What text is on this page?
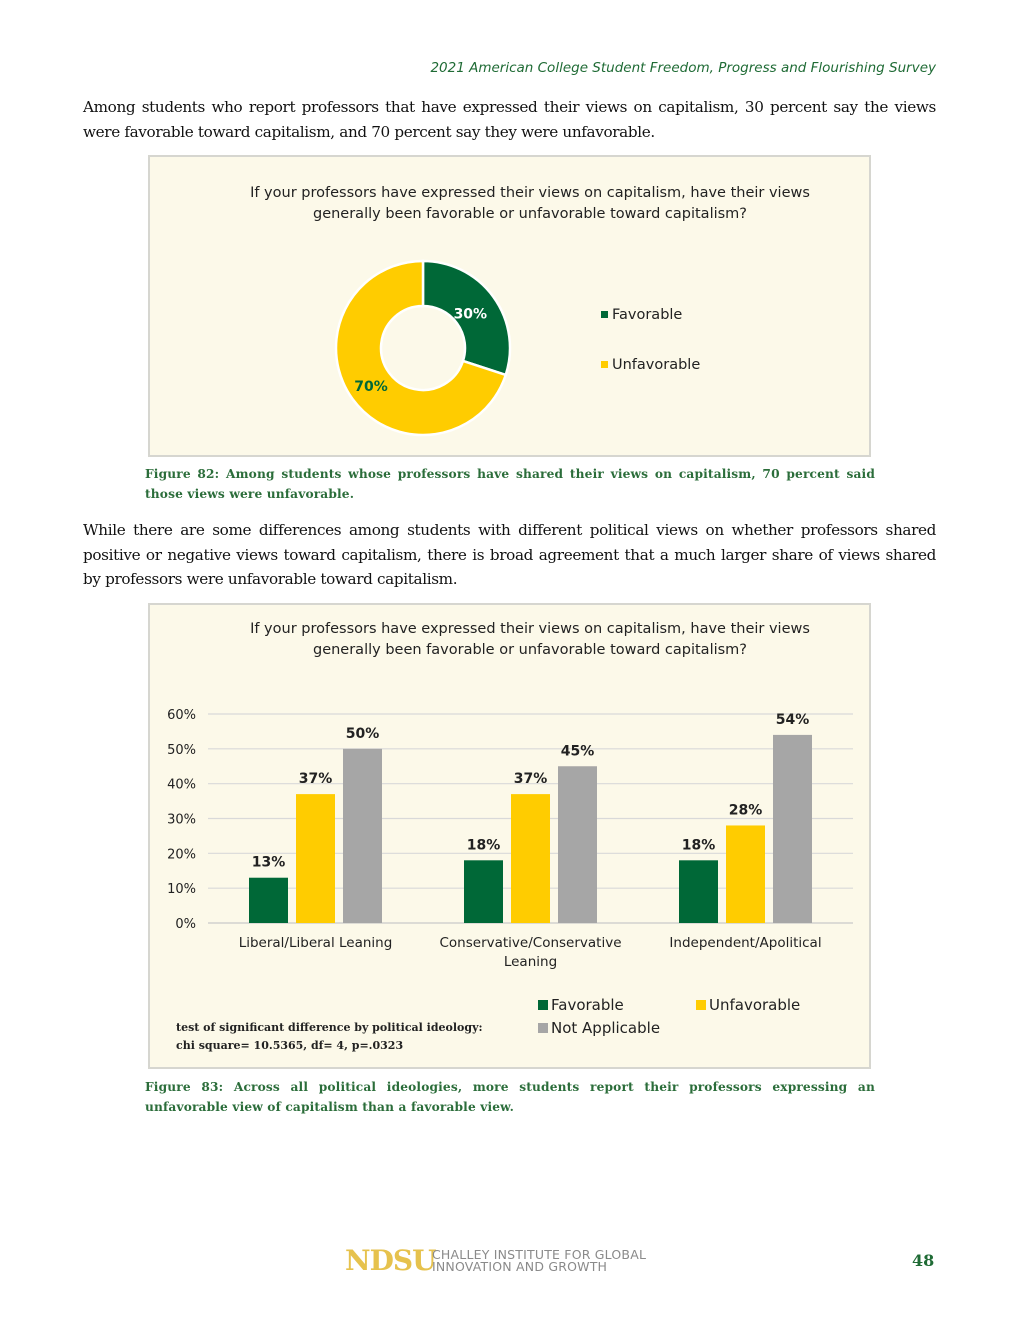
2021 American College Student Freedom, Progress and Flourishing Survey

Among students who report professors that have expressed their views on capitalism, 30 percent say the views were favorable toward capitalism, and 70 percent say they were unfavorable.

If your professors have expressed their views on capitalism, have their views generally been favorable or unfavorable toward capitalism?
30%
70%
Favorable
Unfavorable
Figure 82: Among students whose professors have shared their views on capitalism, 70 percent said those views were unfavorable.

While there are some differences among students with different political views on whether professors shared positive or negative views toward capitalism, there is broad agreement that a much larger share of views shared by professors were unfavorable toward capitalism.

If your professors have expressed their views on capitalism, have their views generally been favorable or unfavorable toward capitalism?
0%
10%
20%
30%
40%
50%
60%
13%
37%
50%
Liberal/Liberal Leaning
18%
37%
45%
Conservative/Conservative
Leaning
18%
28%
54%
Independent/Apolitical
Favorable	Unfavorable
Not Applicable
test of significant difference by political ideology:
chi square= 10.5365, df= 4, p=.0323
Figure 83: Across all political ideologies, more students report their professors expressing an unfavorable view of capitalism than a favorable view.
NDSU
CHALLEY INSTITUTE FOR GLOBAL
INNOVATION AND GROWTH	48
